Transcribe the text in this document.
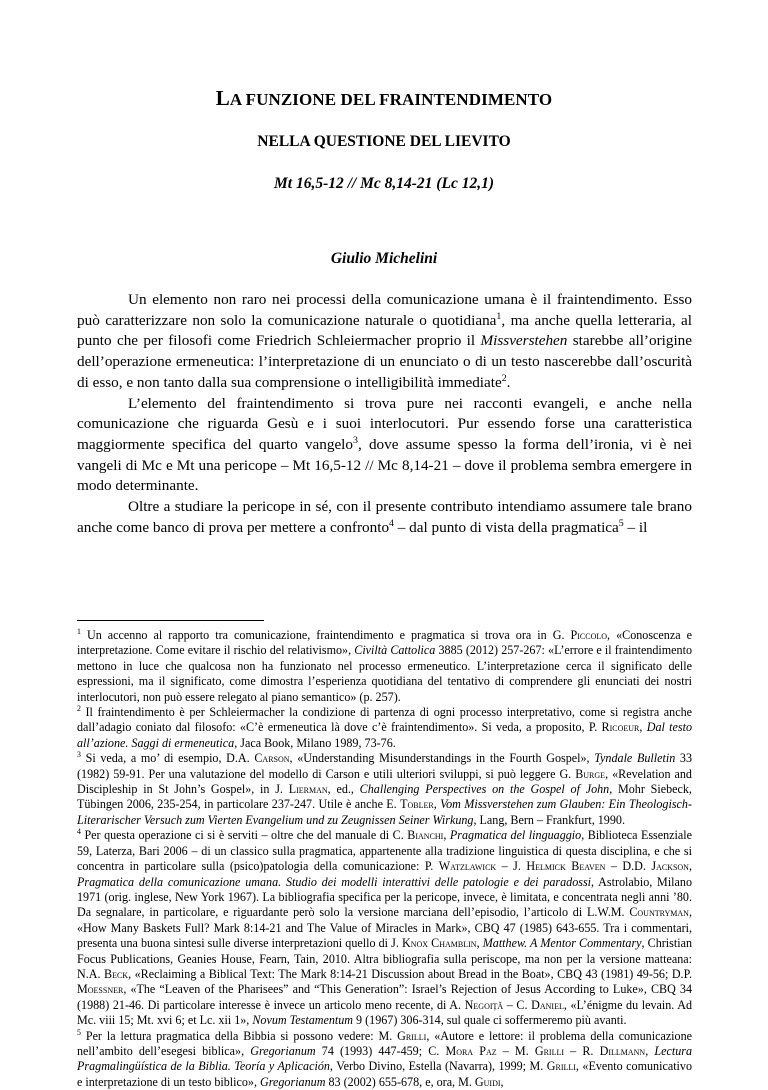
LA FUNZIONE DEL FRAINTENDIMENTO
NELLA QUESTIONE DEL LIEVITO
Mt 16,5-12 // Mc 8,14-21 (Lc 12,1)
Giulio Michelini

Un elemento non raro nei processi della comunicazione umana è il fraintendimento. Esso può caratterizzare non solo la comunicazione naturale o quotidiana$^1$, ma anche quella letteraria, al punto che per filosofi come Friedrich Schleiermacher proprio il Missverstehen starebbe all’origine dell’operazione ermeneutica: l’interpretazione di un enunciato o di un testo nascerebbe dall’oscurità di esso, e non tanto dalla sua comprensione o intelligibilità immediate$^2$.

L’elemento del fraintendimento si trova pure nei racconti evangeli, e anche nella comunicazione che riguarda Gesù e i suoi interlocutori. Pur essendo forse una caratteristica maggiormente specifica del quarto vangelo$^3$, dove assume spesso la forma dell’ironia, vi è nei vangeli di Mc e Mt una pericope – Mt 16,5-12 // Mc 8,14-21 – dove il problema sembra emergere in modo determinante.

Oltre a studiare la pericope in sé, con il presente contributo intendiamo assumere tale brano anche come banco di prova per mettere a confronto$^4$ – dal punto di vista della pragmatica$^5$ – il

$^1$ Un accenno al rapporto tra comunicazione, fraintendimento e pragmatica si trova ora in G. Piccolo, «Conoscenza e interpretazione. Come evitare il rischio del relativismo», Civiltà Cattolica 3885 (2012) 257-267: «L’errore e il fraintendimento mettono in luce che qualcosa non ha funzionato nel processo ermeneutico. L’interpretazione cerca il significato delle espressioni, ma il significato, come dimostra l’esperienza quotidiana del tentativo di comprendere gli enunciati dei nostri interlocutori, non può essere relegato al piano semantico» (p. 257).

$^2$ Il fraintendimento è per Schleiermacher la condizione di partenza di ogni processo interpretativo, come si registra anche dall’adagio coniato dal filosofo: «C’è ermeneutica là dove c’è fraintendimento». Si veda, a proposito, P. Ricoeur, Dal testo all’azione. Saggi di ermeneutica, Jaca Book, Milano 1989, 73-76.

$^3$ Si veda, a mo’ di esempio, D.A. Carson, «Understanding Misunderstandings in the Fourth Gospel», Tyndale Bulletin 33 (1982) 59-91. Per una valutazione del modello di Carson e utili ulteriori sviluppi, si può leggere G. Burge, «Revelation and Discipleship in St John’s Gospel», in J. Lierman, ed., Challenging Perspectives on the Gospel of John, Mohr Siebeck, Tübingen 2006, 235-254, in particolare 237-247. Utile è anche E. Tobler, Vom Missverstehen zum Glauben: Ein Theologisch-Literarischer Versuch zum Vierten Evangelium und zu Zeugnissen Seiner Wirkung, Lang, Bern – Frankfurt, 1990.

$^4$ Per questa operazione ci si è serviti – oltre che del manuale di C. Bianchi, Pragmatica del linguaggio, Biblioteca Essenziale 59, Laterza, Bari 2006 – di un classico sulla pragmatica, appartenente alla tradizione linguistica di questa disciplina, e che si concentra in particolare sulla (psico)patologia della comunicazione: P. Watzlawick – J. Helmick Beaven – D.D. Jackson, Pragmatica della comunicazione umana. Studio dei modelli interattivi delle patologie e dei paradossi, Astrolabio, Milano 1971 (orig. inglese, New York 1967). La bibliografia specifica per la pericope, invece, è limitata, e concentrata negli anni ’80. Da segnalare, in particolare, e riguardante però solo la versione marciana dell’episodio, l’articolo di L.W.M. Countryman, «How Many Baskets Full? Mark 8:14-21 and The Value of Miracles in Mark», CBQ 47 (1985) 643-655. Tra i commentari, presenta una buona sintesi sulle diverse interpretazioni quello di J. Knox Chamblin, Matthew. A Mentor Commentary, Christian Focus Publications, Geanies House, Fearn, Tain, 2010. Altra bibliografia sulla periscope, ma non per la versione matteana: N.A. Beck, «Reclaiming a Biblical Text: The Mark 8:14-21 Discussion about Bread in the Boat», CBQ 43 (1981) 49-56; D.P. Moessner, «The “Leaven of the Pharisees” and “This Generation”: Israel’s Rejection of Jesus According to Luke», CBQ 34 (1988) 21-46. Di particolare interesse è invece un articolo meno recente, di A. Negoiță – C. Daniel, «L’énigme du levain. Ad Mc. viii 15; Mt. xvi 6; et Lc. xii 1», Novum Testamentum 9 (1967) 306-314, sul quale ci soffermeremo più avanti.

$^5$ Per la lettura pragmatica della Bibbia si possono vedere: M. Grilli, «Autore e lettore: il problema della comunicazione nell’ambito dell’esegesi biblica», Gregorianum 74 (1993) 447-459; C. Mora Paz – M. Grilli – R. Dillmann, Lectura Pragmalingüística de la Biblia. Teoría y Aplicación, Verbo Divino, Estella (Navarra), 1999; M. Grilli, «Evento comunicativo e interpretazione di un testo biblico», Gregorianum 83 (2002) 655-678, e, ora, M. Guidi,
